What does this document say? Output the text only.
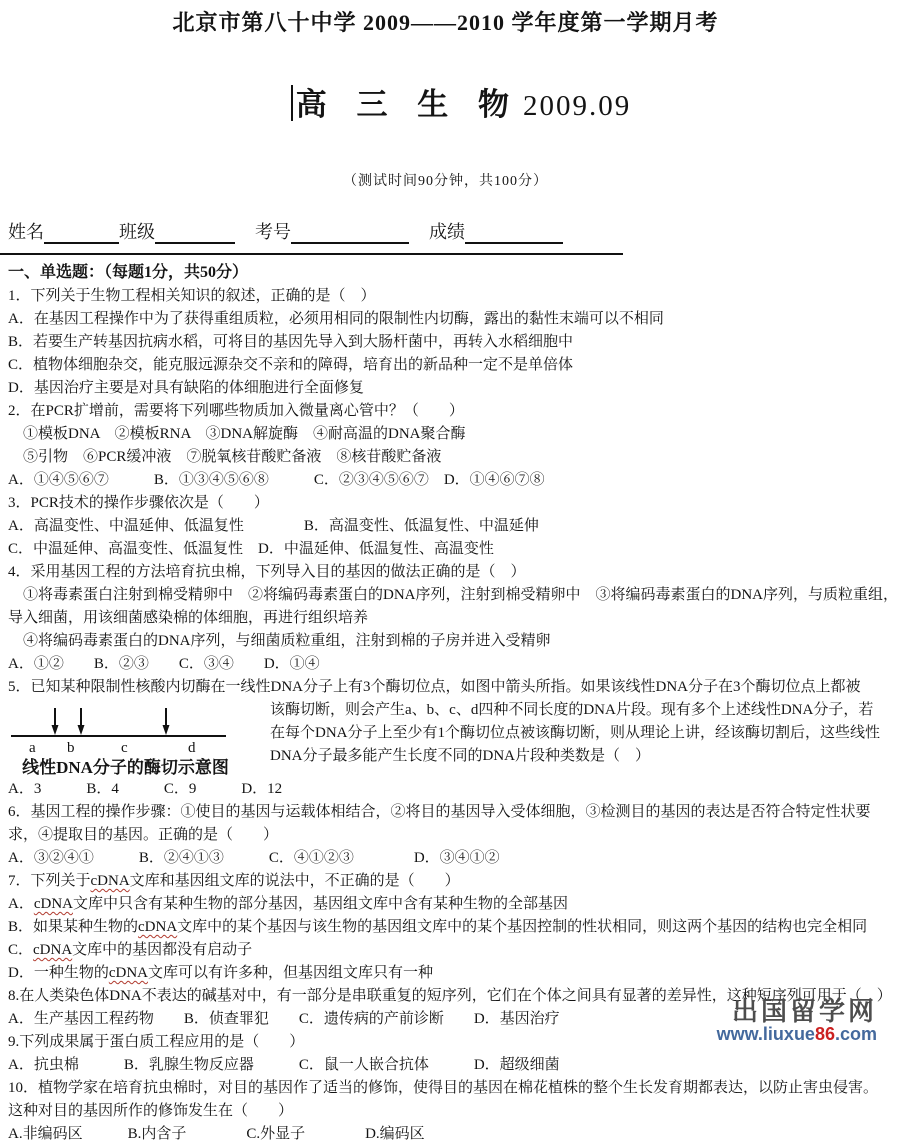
北京市第八十中学 2009——2010 学年度第一学期月考

高 三 生 物 2009.09

（测试时间90分钟，共100分）
姓名	班级	考号	成绩
一、单选题：（每题1分，共50分）
1．下列关于生物工程相关知识的叙述，正确的是（　）
A．在基因工程操作中为了获得重组质粒，必须用相同的限制性内切酶，露出的黏性末端可以不相同
B．若要生产转基因抗病水稻，可将目的基因先导入到大肠杆菌中，再转入水稻细胞中
C．植物体细胞杂交，能克服远源杂交不亲和的障碍，培育出的新品种一定不是单倍体
D．基因治疗主要是对具有缺陷的体细胞进行全面修复
2．在PCR扩增前，需要将下列哪些物质加入微量离心管中？（　　）
　①模板DNA　②模板RNA　③DNA解旋酶　④耐高温的DNA聚合酶
　⑤引物　⑥PCR缓冲液　⑦脱氧核苷酸贮备液　⑧核苷酸贮备液
A．①④⑤⑥⑦　　　B．①③④⑤⑥⑧　　　C．②③④⑤⑥⑦　D．①④⑥⑦⑧
3．PCR技术的操作步骤依次是（　　）
A．高温变性、中温延伸、低温复性　　　　B．高温变性、低温复性、中温延伸
C．中温延伸、高温变性、低温复性　D．中温延伸、低温复性、高温变性
4．采用基因工程的方法培育抗虫棉，下列导入目的基因的做法正确的是（　）
　①将毒素蛋白注射到棉受精卵中　②将编码毒素蛋白的DNA序列，注射到棉受精卵中　③将编码毒素蛋白的DNA序列，与质粒重组，
导入细菌，用该细菌感染棉的体细胞，再进行组织培养
　④将编码毒素蛋白的DNA序列，与细菌质粒重组，注射到棉的子房并进入受精卵
A．①②　　B．②③　　C．③④　　D．①④
5．已知某种限制性核酸内切酶在一线性DNA分子上有3个酶切位点，如图中箭头所指。如果该线性DNA分子在3个酶切位点上都被
a b	c	d
线性DNA分子的酶切示意图
该酶切断，则会产生a、b、c、d四种不同长度的DNA片段。现有多个上述线性DNA分子，若
在每个DNA分子上至少有1个酶切位点被该酶切断，则从理论上讲，经该酶切割后，这些线性
DNA分子最多能产生长度不同的DNA片段种类数是（　）
A．3　　　B．4　　　C．9　　　D．12
6．基因工程的操作步骤：①使目的基因与运载体相结合，②将目的基因导入受体细胞，③检测目的基因的表达是否符合特定性状要
求，④提取目的基因。正确的是（　　）
A．③②④①　　　B．②④①③　　　C．④①②③　　　　D．③④①②
7．下列关于cDNA文库和基因组文库的说法中，不正确的是（　　）
A．cDNA文库中只含有某种生物的部分基因，基因组文库中含有某种生物的全部基因
B．如果某种生物的cDNA文库中的某个基因与该生物的基因组文库中的某个基因控制的性状相同，则这两个基因的结构也完全相同
C．cDNA文库中的基因都没有启动子
D．一种生物的cDNA文库可以有许多种，但基因组文库只有一种
8.在人类染色体DNA不表达的碱基对中，有一部分是串联重复的短序列，它们在个体之间具有显著的差异性，这种短序列可用于（　）
A．生产基因工程药物　　B．侦查罪犯　　C．遗传病的产前诊断　　D．基因治疗
9.下列成果属于蛋白质工程应用的是（　　）
A．抗虫棉　　　B．乳腺生物反应器　　　C．鼠一人嵌合抗体　　　D．超级细菌
10．植物学家在培育抗虫棉时，对目的基因作了适当的修饰，使得目的基因在棉花植株的整个生长发育期都表达，以防止害虫侵害。
这种对目的基因所作的修饰发生在（　　）
A.非编码区　　　B.内含子　　　　C.外显子　　　　D.编码区
出国留学网
www.liuxue86.com
